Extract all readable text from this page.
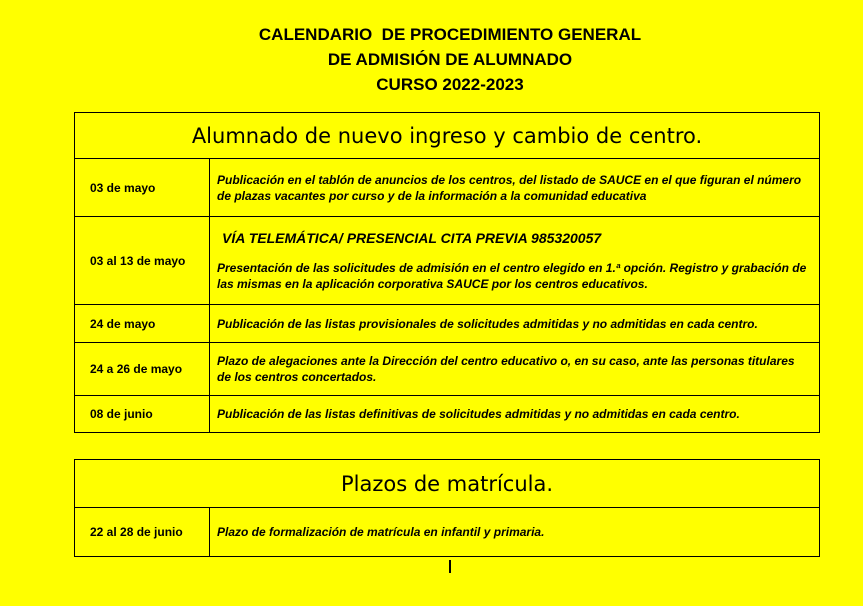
CALENDARIO  DE PROCEDIMIENTO GENERAL
DE ADMISIÓN DE ALUMNADO
CURSO 2022-2023
Alumnado de nuevo ingreso y cambio de centro.	
03 de mayo	Publicación en el tablón de anuncios de los centros, del listado de SAUCE en el que figuran el número de plazas vacantes por curso y de la información a la comunidad educativa
03 al 13 de mayo	VÍA TELEMÁTICA/ PRESENCIAL CITA PREVIA 985320057
Presentación de las solicitudes de admisión en el centro elegido en 1.ª opción. Registro y grabación de las mismas en la aplicación corporativa SAUCE por los centros educativos.

24 de mayo	Publicación de las listas provisionales de solicitudes admitidas y no admitidas en cada centro.
24 a 26 de mayo	Plazo de alegaciones ante la Dirección del centro educativo o, en su caso, ante las personas titulares de los centros concertados.
08 de junio	Publicación de las listas definitivas de solicitudes admitidas y no admitidas en cada centro.
Plazos de matrícula.
22 al 28 de junio	Plazo de formalización de matrícula en infantil y primaria.
